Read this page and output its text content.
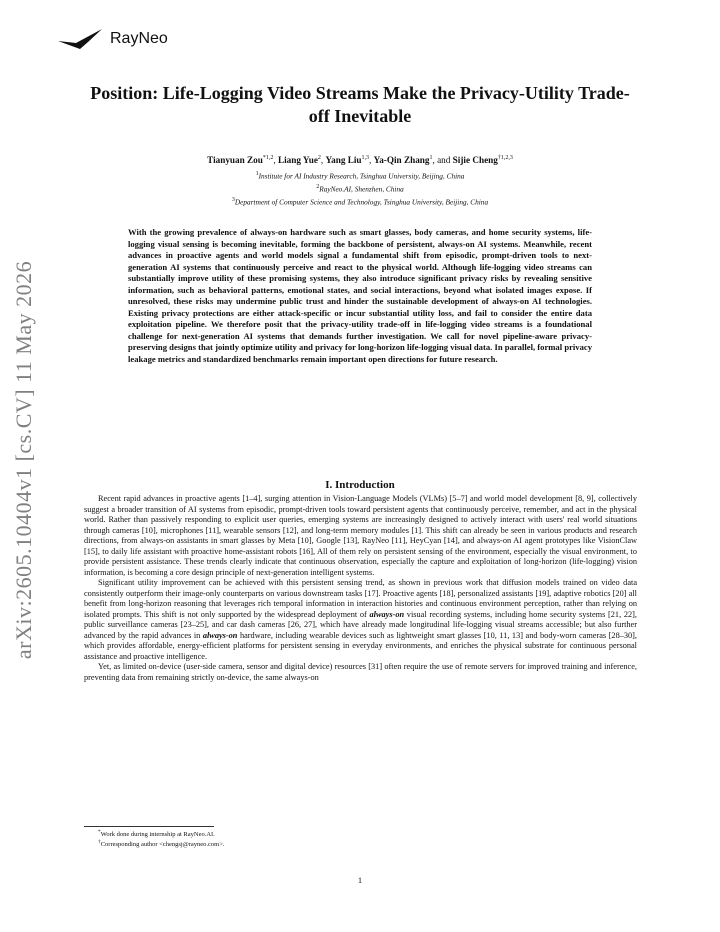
RayNeo
arXiv:2605.10404v1 [cs.CV] 11 May 2026
Position: Life-Logging Video Streams Make the Privacy-Utility Trade-off Inevitable
Tianyuan Zou$^{*1,2}$, Liang Yue$^2$, Yang Liu$^{1,3}$, Ya-Qin Zhang$^1$, and Sijie Cheng$^{\dagger 1,2,3}$
$^1$Institute for AI Industry Research, Tsinghua University, Beijing, China
$^2$RayNeo.AI, Shenzhen, China
$^3$Department of Computer Science and Technology, Tsinghua University, Beijing, China
With the growing prevalence of always-on hardware such as smart glasses, body cameras, and home security systems, life-logging visual sensing is becoming inevitable, forming the backbone of persistent, always-on AI systems. Meanwhile, recent advances in proactive agents and world models signal a fundamental shift from episodic, prompt-driven tools to next-generation AI systems that continuously perceive and react to the physical world. Although life-logging video streams can substantially improve utility of these promising systems, they also introduce significant privacy risks by revealing sensitive information, such as behavioral patterns, emotional states, and social interactions, beyond what isolated images expose. If unresolved, these risks may undermine public trust and hinder the sustainable development of always-on AI technologies. Existing privacy protections are either attack-specific or incur substantial utility loss, and fail to consider the entire data exploitation pipeline. We therefore posit that the privacy-utility trade-off in life-logging video streams is a foundational challenge for next-generation AI systems that demands further investigation. We call for novel pipeline-aware privacy-preserving designs that jointly optimize utility and privacy for long-horizon life-logging visual data. In parallel, formal privacy leakage metrics and standardized benchmarks remain important open directions for future research.
I. Introduction

Recent rapid advances in proactive agents [1–4], surging attention in Vision-Language Models (VLMs) [5–7] and world model development [8, 9], collectively suggest a broader transition of AI systems from episodic, prompt-driven tools toward persistent agents that continuously perceive, remember, and act in the physical world. Rather than passively responding to explicit user queries, emerging systems are increasingly designed to actively interact with users' real world situations through cameras [10], microphones [11], wearable sensors [12], and long-term memory modules [1]. This shift can already be seen in various products and research directions, from always-on assistants in smart glasses by Meta [10], Google [13], RayNeo [11], HeyCyan [14], and always-on AI agent prototypes like VisionClaw [15], to daily life assistant with proactive home-assistant robots [16], All of them rely on persistent sensing of the environment, especially the visual environment, to provide persistent assistance. These trends clearly indicate that continuous observation, especially the capture and exploitation of long-horizon (life-logging) vision information, is becoming a core design principle of next-generation intelligent systems.

Significant utility improvement can be achieved with this persistent sensing trend, as shown in previous work that diffusion models trained on video data consistently outperform their image-only counterparts on various downstream tasks [17]. Proactive agents [18], personalized assistants [19], adaptive robotics [20] all benefit from long-horizon reasoning that leverages rich temporal information in interaction histories and continuous environment perception, rather than relying on isolated prompts. This shift is not only supported by the widespread deployment of always-on visual recording systems, including home security systems [21, 22], public surveillance cameras [23–25], and car dash cameras [26, 27], which have already made longitudinal life-logging visual streams accessible; but also further advanced by the rapid advances in always-on hardware, including wearable devices such as lightweight smart glasses [10, 11, 13] and body-worn cameras [28–30], which provides affordable, energy-efficient platforms for persistent sensing in everyday environments, and enriches the physical substrate for continuous personal assistance and proactive intelligence.

Yet, as limited on-device (user-side camera, sensor and digital device) resources [31] often require the use of remote servers for improved training and inference, preventing data from remaining strictly on-device, the same always-on

*Work done during internship at RayNeo.AI.
†Corresponding author <chengsj@rayneo.com>.
1
